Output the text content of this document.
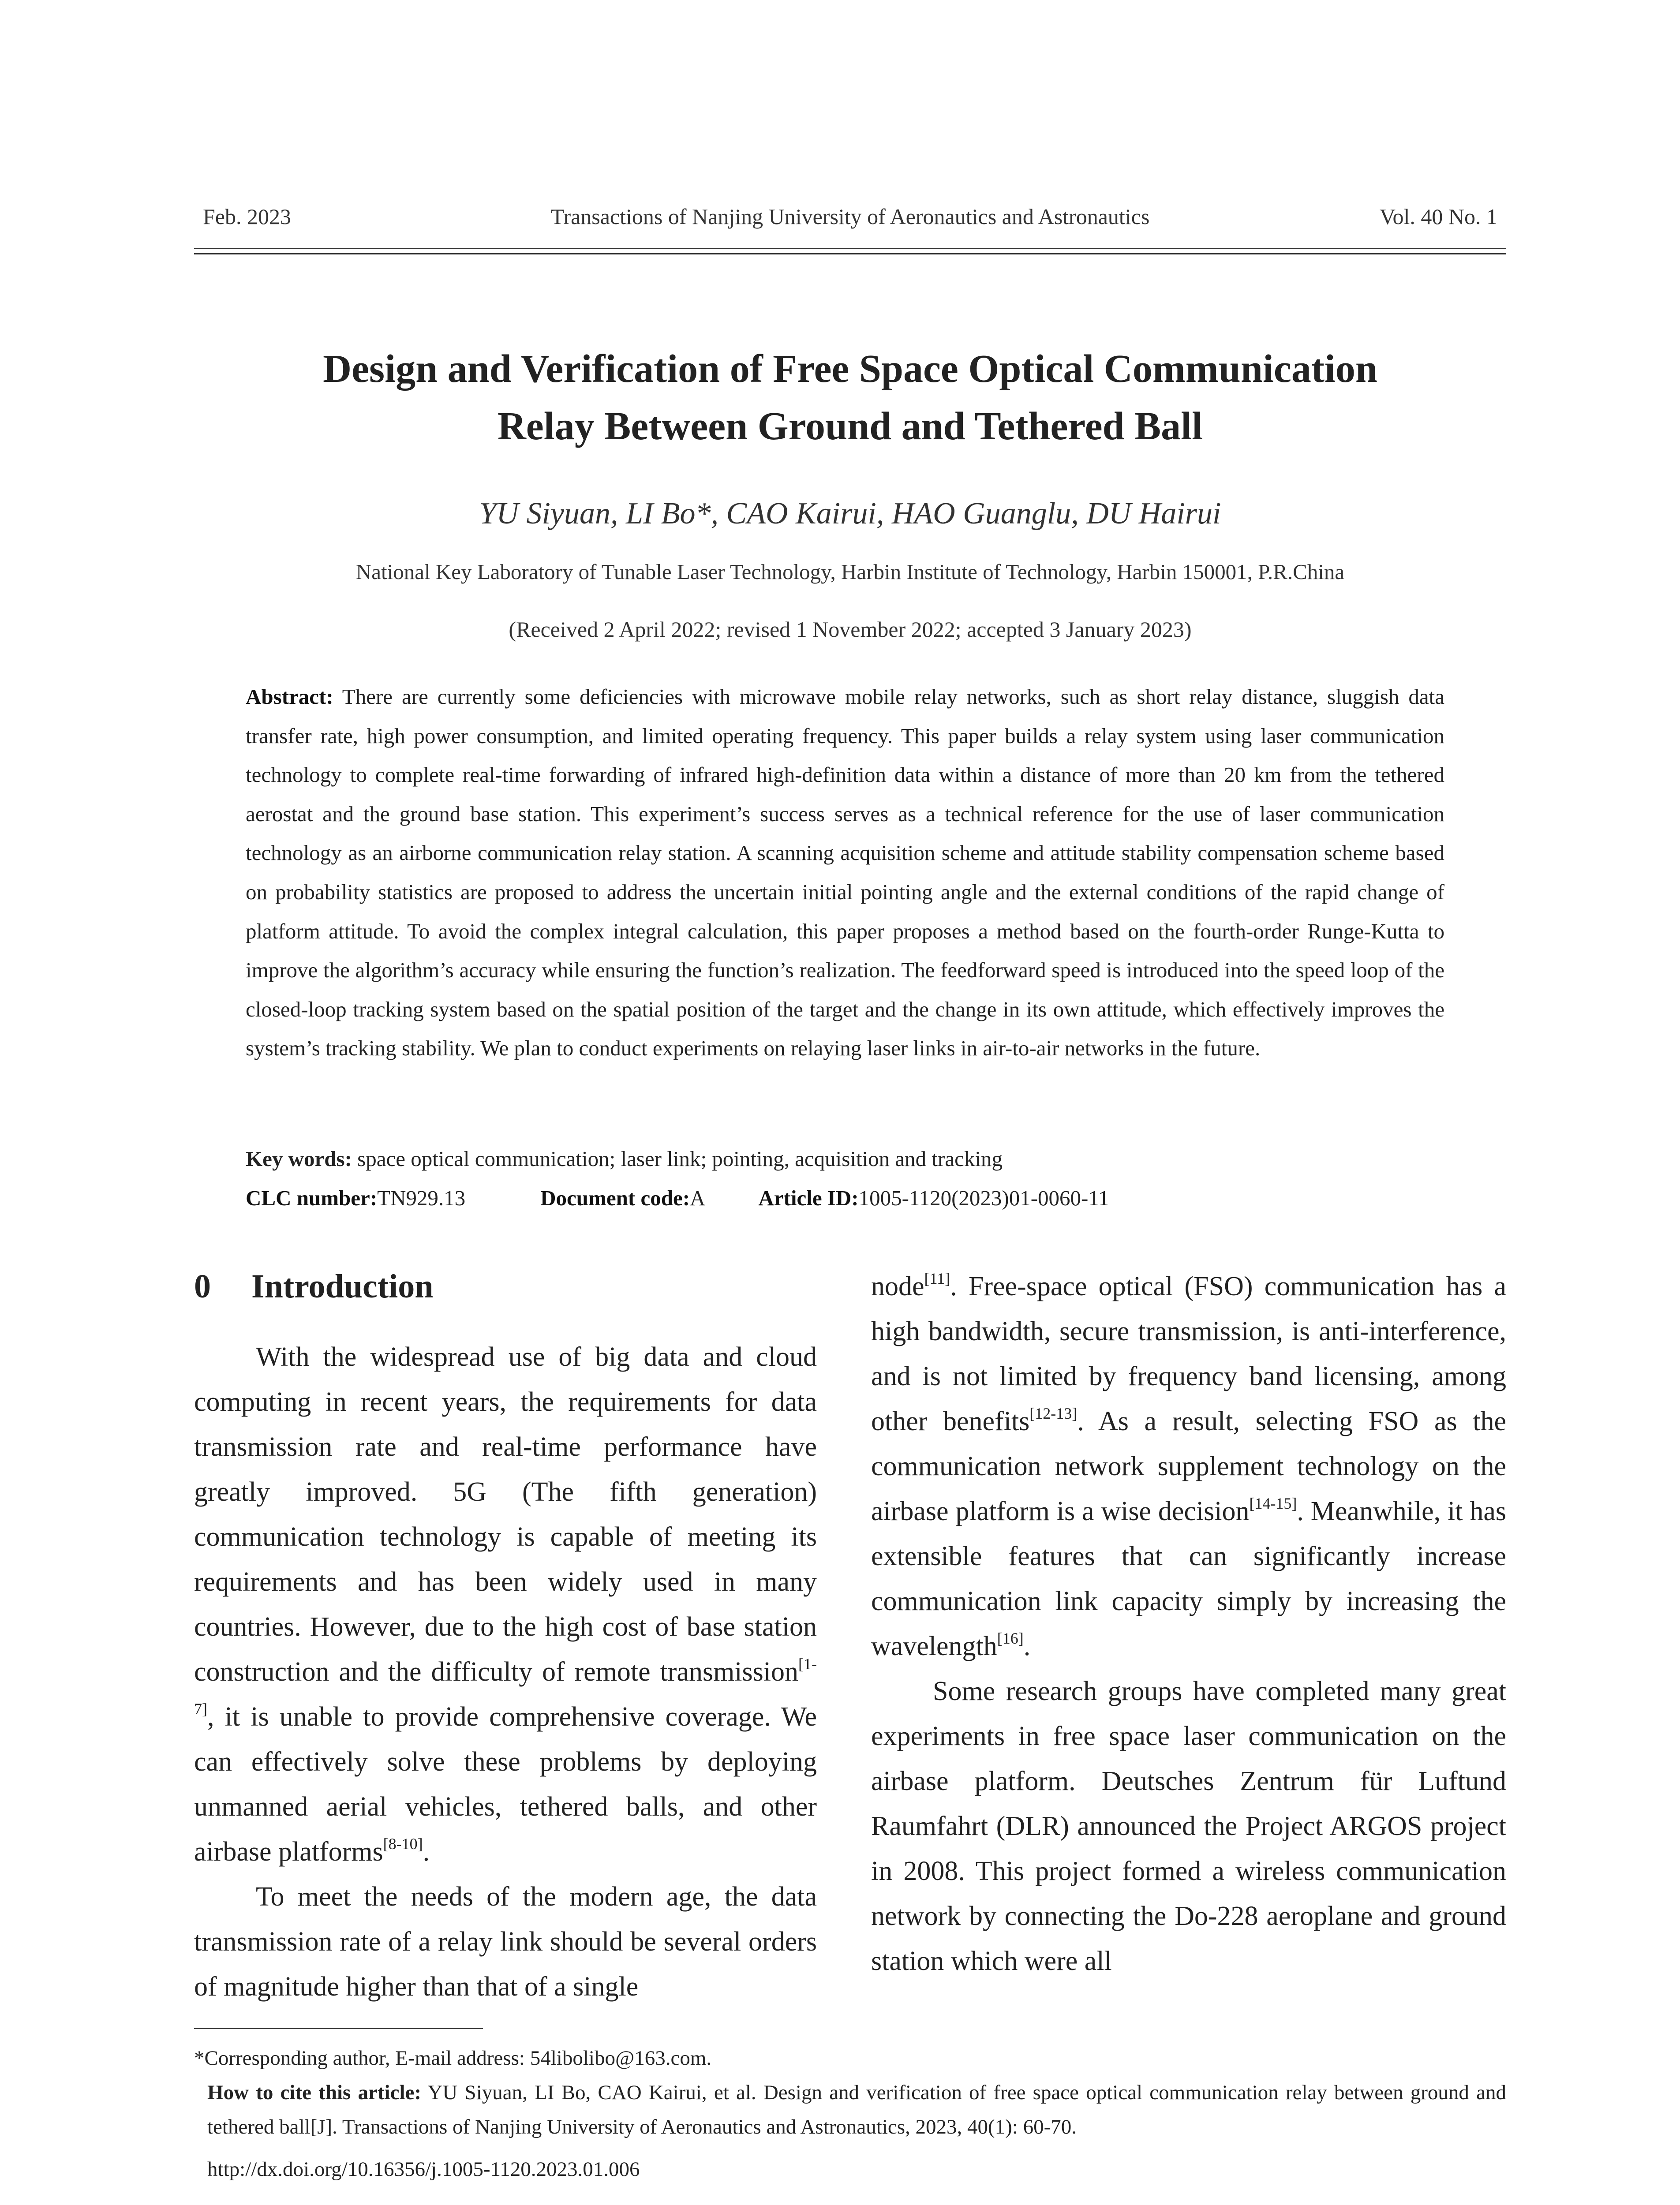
Transactions of Nanjing University of Aeronautics and Astronautics
Feb. 2023	Vol. 40 No. 1
Design and Verification of Free Space Optical Communication
Relay Between Ground and Tethered Ball
YU Siyuan, LI Bo*, CAO Kairui, HAO Guanglu, DU Hairui
National Key Laboratory of Tunable Laser Technology, Harbin Institute of Technology, Harbin 150001, P.R.China
(Received 2 April 2022; revised 1 November 2022; accepted 3 January 2023)
Abstract: There are currently some deficiencies with microwave mobile relay networks, such as short relay distance, sluggish data transfer rate, high power consumption, and limited operating frequency. This paper builds a relay system using laser communication technology to complete real-time forwarding of infrared high-definition data within a distance of more than 20 km from the tethered aerostat and the ground base station. This experiment’s success serves as a technical reference for the use of laser communication technology as an airborne communication relay station. A scanning acquisition scheme and attitude stability compensation scheme based on probability statistics are proposed to address the uncertain initial pointing angle and the external conditions of the rapid change of platform attitude. To avoid the complex integral calculation, this paper proposes a method based on the fourth-order Runge-Kutta to improve the algorithm’s accuracy while ensuring the function’s realization. The feedforward speed is introduced into the speed loop of the closed-loop tracking system based on the spatial position of the target and the change in its own attitude, which effectively improves the system’s tracking stability. We plan to conduct experiments on relaying laser links in air-to-air networks in the future.
Key words: space optical communication; laser link; pointing, acquisition and tracking
CLC number:TN929.13	Document code:A Article ID:1005-1120(2023)01-0060-11
0 Introduction

With the widespread use of big data and cloud computing in recent years, the requirements for data transmission rate and real-time performance have greatly improved. 5G (The fifth generation) communication technology is capable of meeting its requirements and has been widely used in many countries. However, due to the high cost of base station construction and the difficulty of remote transmission[1-7], it is unable to provide comprehensive coverage. We can effectively solve these problems by deploying unmanned aerial vehicles, tethered balls, and other airbase platforms[8-10].

To meet the needs of the modern age, the data transmission rate of a relay link should be several orders of magnitude higher than that of a single

node[11]. Free-space optical (FSO) communication has a high bandwidth, secure transmission, is anti-interference, and is not limited by frequency band licensing, among other benefits[12-13]. As a result, selecting FSO as the communication network supplement technology on the airbase platform is a wise decision[14-15]. Meanwhile, it has extensible features that can significantly increase communication link capacity simply by increasing the wavelength[16].

Some research groups have completed many great experiments in free space laser communication on the airbase platform. Deutsches Zentrum für Luftund Raumfahrt (DLR) announced the Project ARGOS project in 2008. This project formed a wireless communication network by connecting the Do-228 aeroplane and ground station which were all

*Corresponding author, E-mail address: 54libolibo@163.com.
How to cite this article: YU Siyuan, LI Bo, CAO Kairui, et al. Design and verification of free space optical communication relay between ground and tethered ball[J]. Transactions of Nanjing University of Aeronautics and Astronautics, 2023, 40(1): 60-70.
http://dx.doi.org/10.16356/j.1005-1120.2023.01.006
